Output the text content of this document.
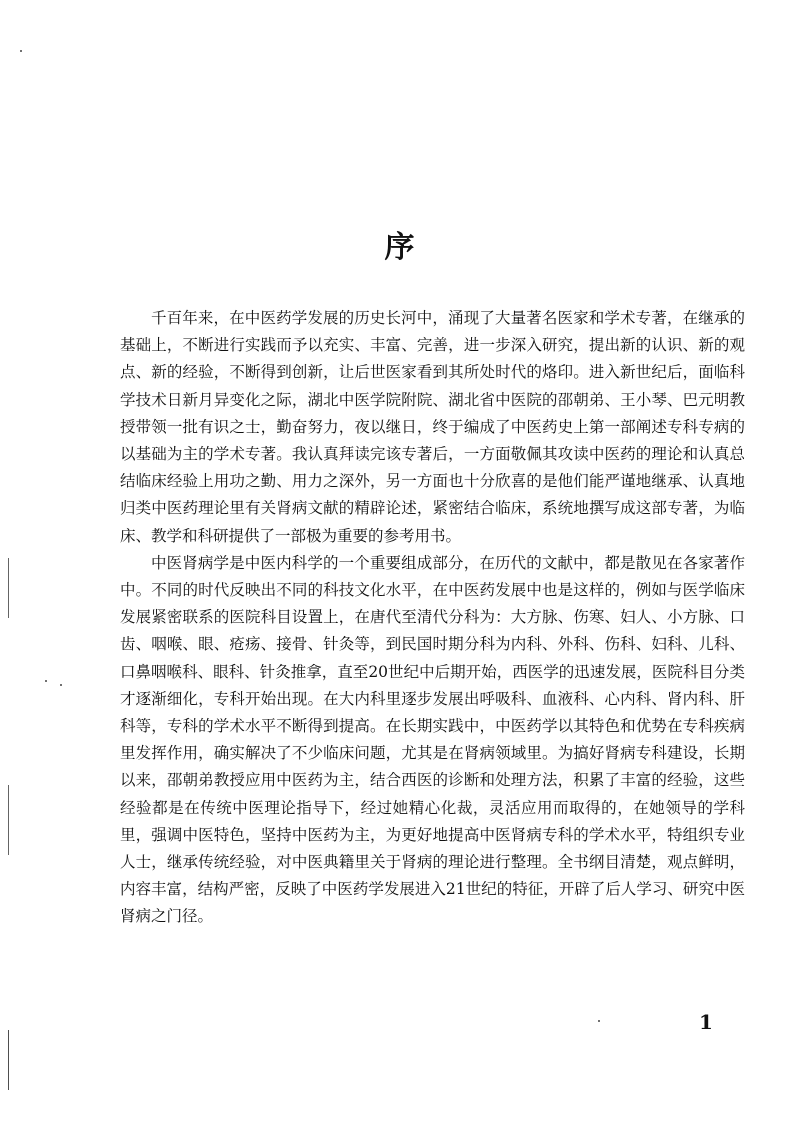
序

千百年来，在中医药学发展的历史长河中，涌现了大量著名医家和学术专著，在继承的基础上，不断进行实践而予以充实、丰富、完善，进一步深入研究，提出新的认识、新的观点、新的经验，不断得到创新，让后世医家看到其所处时代的烙印。进入新世纪后，面临科学技术日新月异变化之际，湖北中医学院附院、湖北省中医院的邵朝弟、王小琴、巴元明教授带领一批有识之士，勤奋努力，夜以继日，终于编成了中医药史上第一部阐述专科专病的以基础为主的学术专著。我认真拜读完该专著后，一方面敬佩其攻读中医药的理论和认真总结临床经验上用功之勤、用力之深外，另一方面也十分欣喜的是他们能严谨地继承、认真地归类中医药理论里有关肾病文献的精辟论述，紧密结合临床，系统地撰写成这部专著，为临床、教学和科研提供了一部极为重要的参考用书。

中医肾病学是中医内科学的一个重要组成部分，在历代的文献中，都是散见在各家著作中。不同的时代反映出不同的科技文化水平，在中医药发展中也是这样的，例如与医学临床发展紧密联系的医院科目设置上，在唐代至清代分科为：大方脉、伤寒、妇人、小方脉、口齿、咽喉、眼、疮疡、接骨、针灸等，到民国时期分科为内科、外科、伤科、妇科、儿科、口鼻咽喉科、眼科、针灸推拿，直至20世纪中后期开始，西医学的迅速发展，医院科目分类才逐渐细化，专科开始出现。在大内科里逐步发展出呼吸科、血液科、心内科、肾内科、肝科等，专科的学术水平不断得到提高。在长期实践中，中医药学以其特色和优势在专科疾病里发挥作用，确实解决了不少临床问题，尤其是在肾病领域里。为搞好肾病专科建设，长期以来，邵朝弟教授应用中医药为主，结合西医的诊断和处理方法，积累了丰富的经验，这些经验都是在传统中医理论指导下，经过她精心化裁，灵活应用而取得的，在她领导的学科里，强调中医特色，坚持中医药为主，为更好地提高中医肾病专科的学术水平，特组织专业人士，继承传统经验，对中医典籍里关于肾病的理论进行整理。全书纲目清楚，观点鲜明，内容丰富，结构严密，反映了中医药学发展进入21世纪的特征，开辟了后人学习、研究中医肾病之门径。

1
